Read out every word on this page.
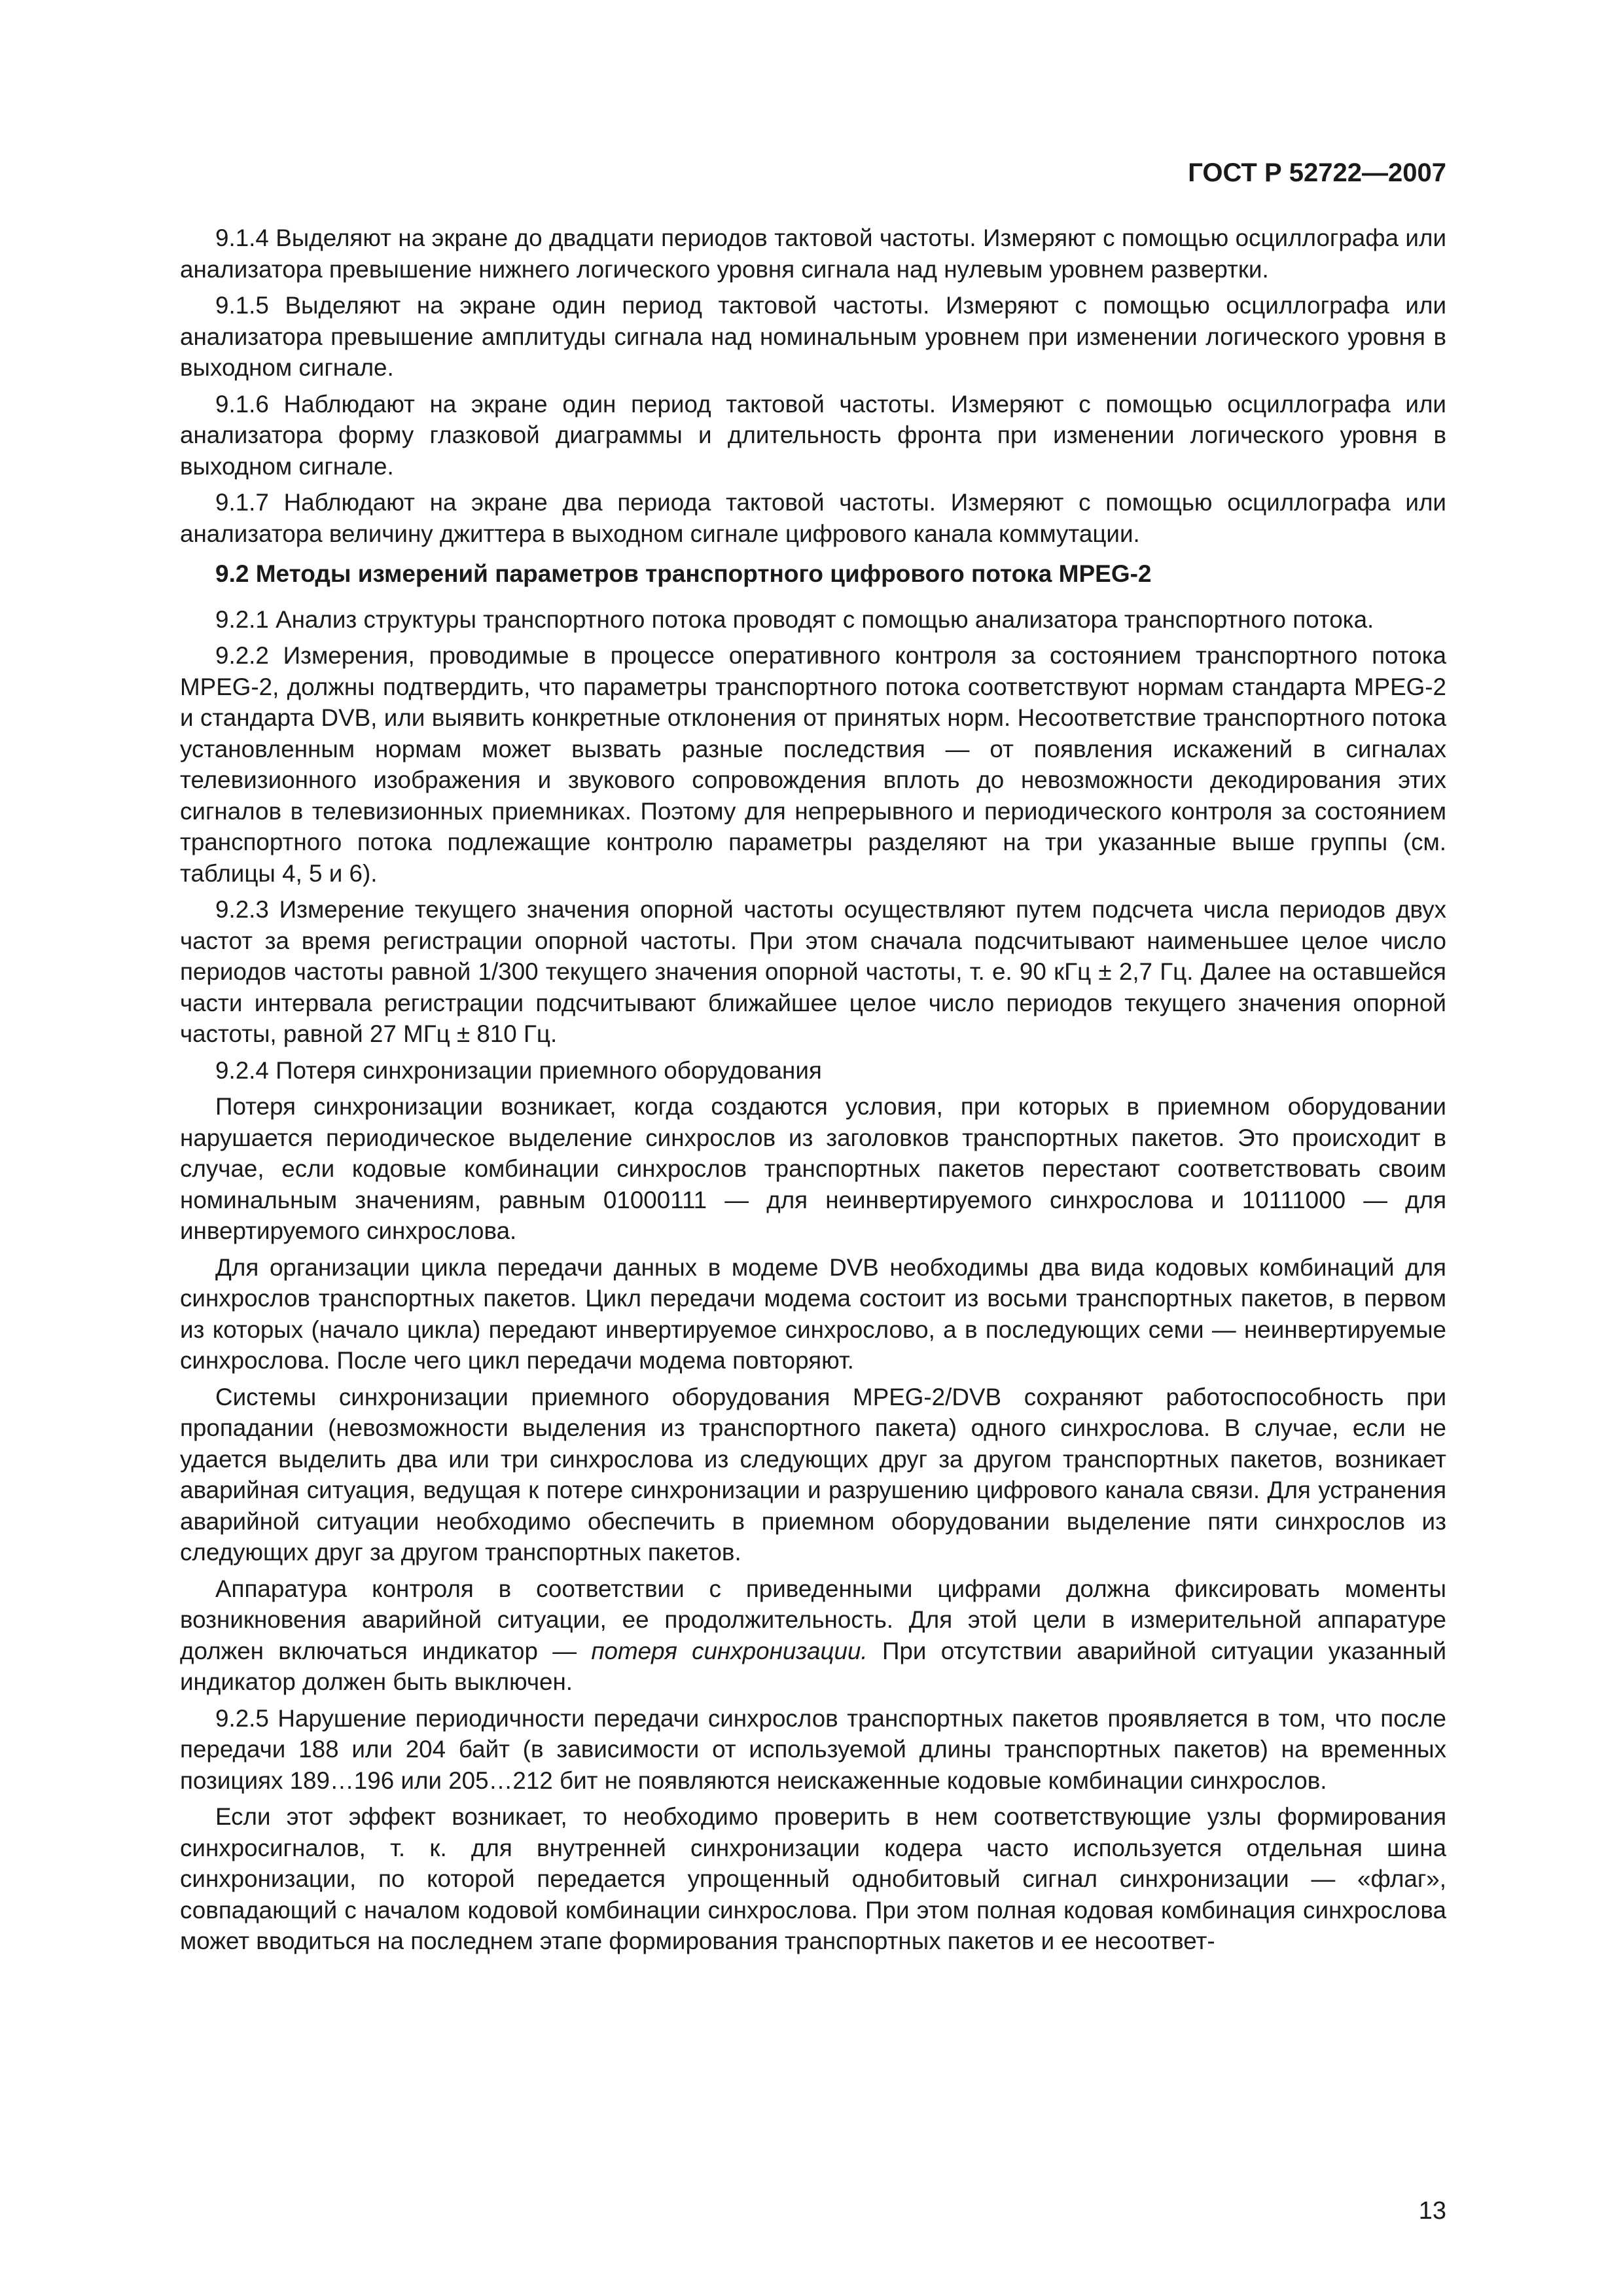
ГОСТ Р 52722—2007

9.1.4 Выделяют на экране до двадцати периодов тактовой частоты. Измеряют с помощью осциллографа или анализатора превышение нижнего логического уровня сигнала над нулевым уровнем развертки.

9.1.5 Выделяют на экране один период тактовой частоты. Измеряют с помощью осциллографа или анализатора превышение амплитуды сигнала над номинальным уровнем при изменении логического уровня в выходном сигнале.

9.1.6 Наблюдают на экране один период тактовой частоты. Измеряют с помощью осциллографа или анализатора форму глазковой диаграммы и длительность фронта при изменении логического уровня в выходном сигнале.

9.1.7 Наблюдают на экране два периода тактовой частоты. Измеряют с помощью осциллографа или анализатора величину джиттера в выходном сигнале цифрового канала коммутации.

9.2 Методы измерений параметров транспортного цифрового потока MPEG-2

9.2.1 Анализ структуры транспортного потока проводят с помощью анализатора транспортного потока.

9.2.2 Измерения, проводимые в процессе оперативного контроля за состоянием транспортного потока MPEG-2, должны подтвердить, что параметры транспортного потока соответствуют нормам стандарта MPEG-2 и стандарта DVB, или выявить конкретные отклонения от принятых норм. Несоответствие транспортного потока установленным нормам может вызвать разные последствия — от появления искажений в сигналах телевизионного изображения и звукового сопровождения вплоть до невозможности декодирования этих сигналов в телевизионных приемниках. Поэтому для непрерывного и периодического контроля за состоянием транспортного потока подлежащие контролю параметры разделяют на три указанные выше группы (см. таблицы 4, 5 и 6).

9.2.3 Измерение текущего значения опорной частоты осуществляют путем подсчета числа периодов двух частот за время регистрации опорной частоты. При этом сначала подсчитывают наименьшее целое число периодов частоты равной 1/300 текущего значения опорной частоты, т. е. 90 кГц ± 2,7 Гц. Далее на оставшейся части интервала регистрации подсчитывают ближайшее целое число периодов текущего значения опорной частоты, равной 27 МГц ± 810 Гц.

9.2.4 Потеря синхронизации приемного оборудования

Потеря синхронизации возникает, когда создаются условия, при которых в приемном оборудовании нарушается периодическое выделение синхрослов из заголовков транспортных пакетов. Это происходит в случае, если кодовые комбинации синхрослов транспортных пакетов перестают соответствовать своим номинальным значениям, равным 01000111 — для неинвертируемого синхрослова и 10111000 — для инвертируемого синхрослова.

Для организации цикла передачи данных в модеме DVB необходимы два вида кодовых комбинаций для синхрослов транспортных пакетов. Цикл передачи модема состоит из восьми транспортных пакетов, в первом из которых (начало цикла) передают инвертируемое синхрослово, а в последующих семи — неинвертируемые синхрослова. После чего цикл передачи модема повторяют.

Системы синхронизации приемного оборудования MPEG-2/DVB сохраняют работоспособность при пропадании (невозможности выделения из транспортного пакета) одного синхрослова. В случае, если не удается выделить два или три синхрослова из следующих друг за другом транспортных пакетов, возникает аварийная ситуация, ведущая к потере синхронизации и разрушению цифрового канала связи. Для устранения аварийной ситуации необходимо обеспечить в приемном оборудовании выделение пяти синхрослов из следующих друг за другом транспортных пакетов.

Аппаратура контроля в соответствии с приведенными цифрами должна фиксировать моменты возникновения аварийной ситуации, ее продолжительность. Для этой цели в измерительной аппаратуре должен включаться индикатор — потеря синхронизации. При отсутствии аварийной ситуации указанный индикатор должен быть выключен.

9.2.5 Нарушение периодичности передачи синхрослов транспортных пакетов проявляется в том, что после передачи 188 или 204 байт (в зависимости от используемой длины транспортных пакетов) на временных позициях 189…196 или 205…212 бит не появляются неискаженные кодовые комбинации синхрослов.

Если этот эффект возникает, то необходимо проверить в нем соответствующие узлы формирования синхросигналов, т. к. для внутренней синхронизации кодера часто используется отдельная шина синхронизации, по которой передается упрощенный однобитовый сигнал синхронизации — «флаг», совпадающий с началом кодовой комбинации синхрослова. При этом полная кодовая комбинация синхрослова может вводиться на последнем этапе формирования транспортных пакетов и ее несоответ-

13
